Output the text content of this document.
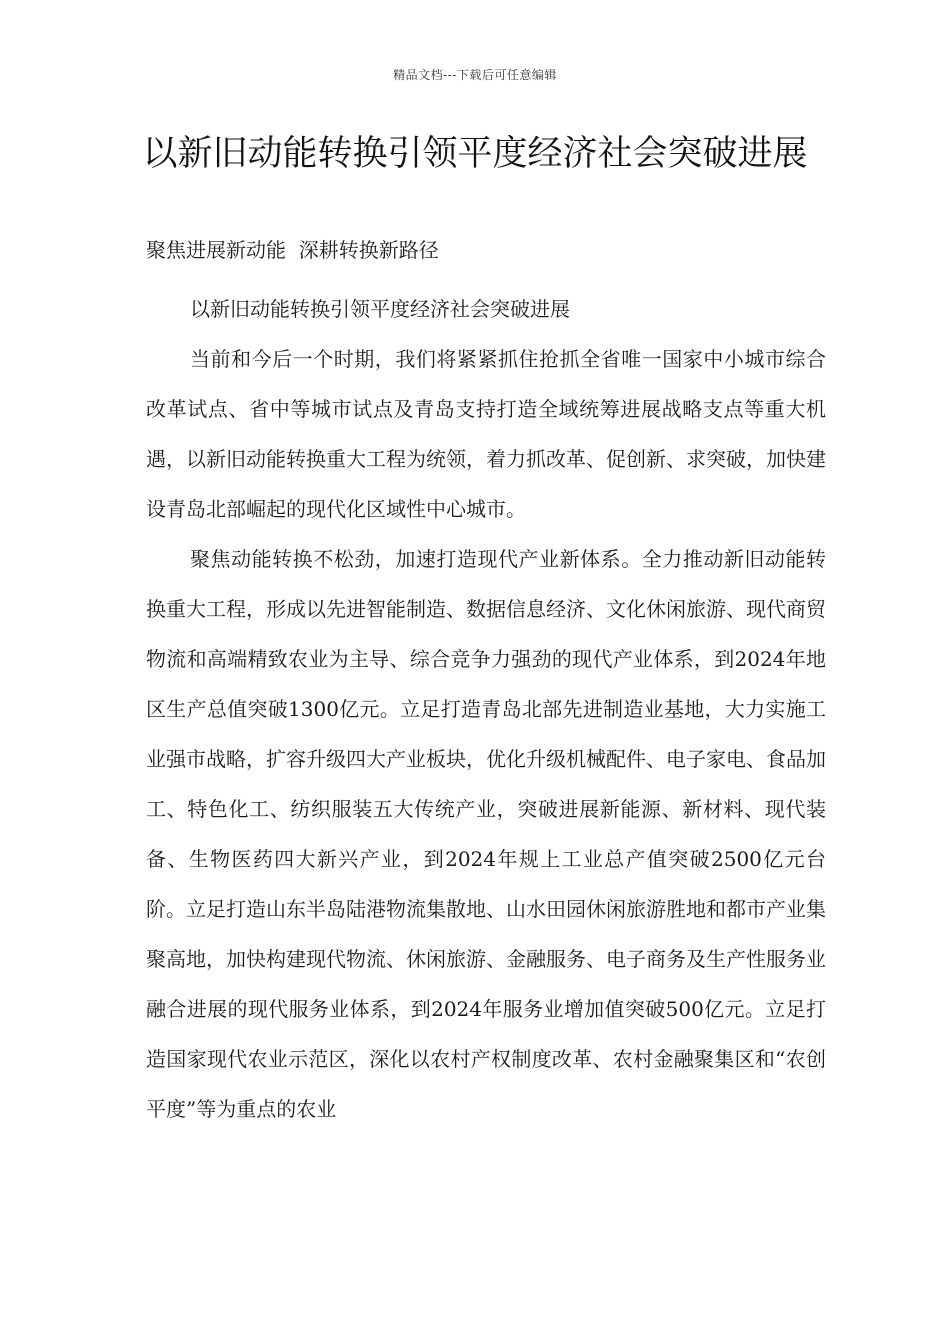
精品文档---下载后可任意编辑
以新旧动能转换引领平度经济社会突破进展
聚焦进展新动能  深耕转换新路径

以新旧动能转换引领平度经济社会突破进展

当前和今后一个时期，我们将紧紧抓住抢抓全省唯一国家中小城市综合改革试点、省中等城市试点及青岛支持打造全域统筹进展战略支点等重大机遇，以新旧动能转换重大工程为统领，着力抓改革、促创新、求突破，加快建设青岛北部崛起的现代化区域性中心城市。

聚焦动能转换不松劲，加速打造现代产业新体系。全力推动新旧动能转换重大工程，形成以先进智能制造、数据信息经济、文化休闲旅游、现代商贸物流和高端精致农业为主导、综合竞争力强劲的现代产业体系，到2024年地区生产总值突破1300亿元。立足打造青岛北部先进制造业基地，大力实施工业强市战略，扩容升级四大产业板块，优化升级机械配件、电子家电、食品加工、特色化工、纺织服装五大传统产业，突破进展新能源、新材料、现代装备、生物医药四大新兴产业，到2024年规上工业总产值突破2500亿元台阶。立足打造山东半岛陆港物流集散地、山水田园休闲旅游胜地和都市产业集聚高地，加快构建现代物流、休闲旅游、金融服务、电子商务及生产性服务业融合进展的现代服务业体系，到2024年服务业增加值突破500亿元。立足打造国家现代农业示范区，深化以农村产权制度改革、农村金融聚集区和“农创平度”等为重点的农业
